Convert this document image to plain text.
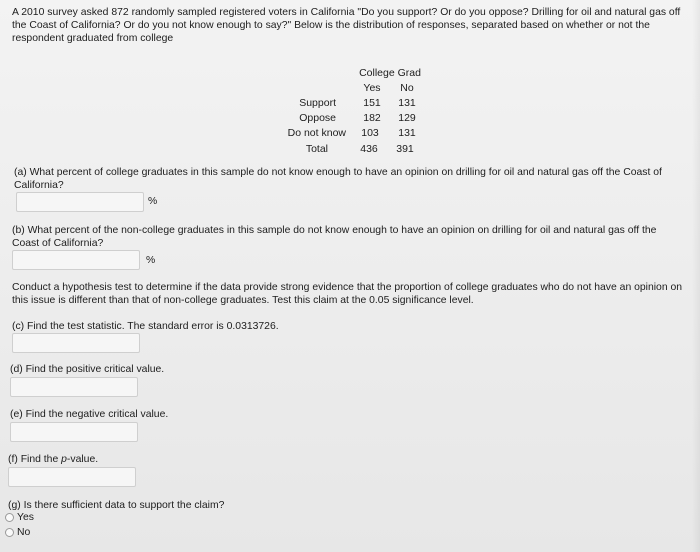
A 2010 survey asked 872 randomly sampled registered voters in California "Do you support? Or do you oppose? Drilling for oil and natural gas off the Coast of California? Or do you not know enough to say?" Below is the distribution of responses, separated based on whether or not the respondent graduated from college
College Grad
Yes	No
Support	151	131
Oppose	182	129
Do not know	103	131
Total	436	391
(a) What percent of college graduates in this sample do not know enough to have an opinion on drilling for oil and natural gas off the Coast of California?
%
(b) What percent of the non-college graduates in this sample do not know enough to have an opinion on drilling for oil and natural gas off the Coast of California?
%
Conduct a hypothesis test to determine if the data provide strong evidence that the proportion of college graduates who do not have an opinion on this issue is different than that of non-college graduates. Test this claim at the 0.05 significance level.
(c) Find the test statistic. The standard error is 0.0313726.
(d) Find the positive critical value.
(e) Find the negative critical value.
(f) Find the p-value.
(g) Is there sufficient data to support the claim?
Yes
No
